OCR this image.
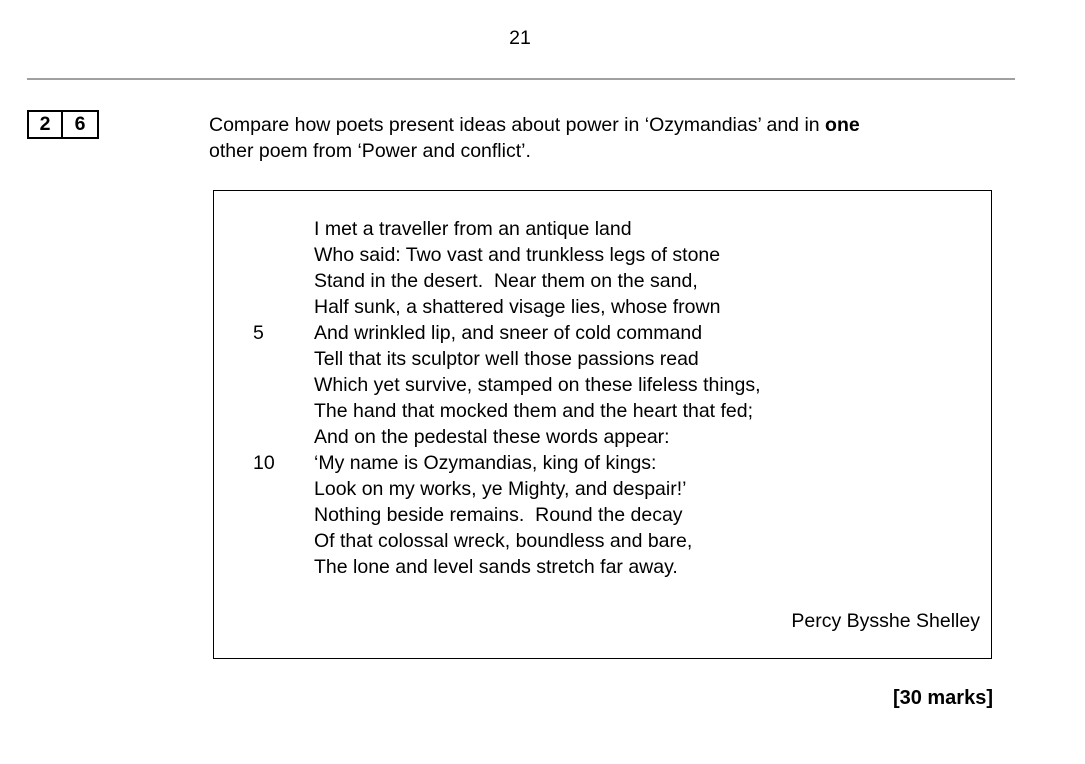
21
2	6	Compare how poets present ideas about power in ‘Ozymandias’ and in one
other poem from ‘Power and conflict’.
I met a traveller from an antique land
Who said: Two vast and trunkless legs of stone
Stand in the desert.  Near them on the sand,
Half sunk, a shattered visage lies, whose frown
5	And wrinkled lip, and sneer of cold command
Tell that its sculptor well those passions read
Which yet survive, stamped on these lifeless things,
The hand that mocked them and the heart that fed;
And on the pedestal these words appear:
10	‘My name is Ozymandias, king of kings:
Look on my works, ye Mighty, and despair!’
Nothing beside remains.  Round the decay
Of that colossal wreck, boundless and bare,
The lone and level sands stretch far away.
Percy Bysshe Shelley
[30 marks]
